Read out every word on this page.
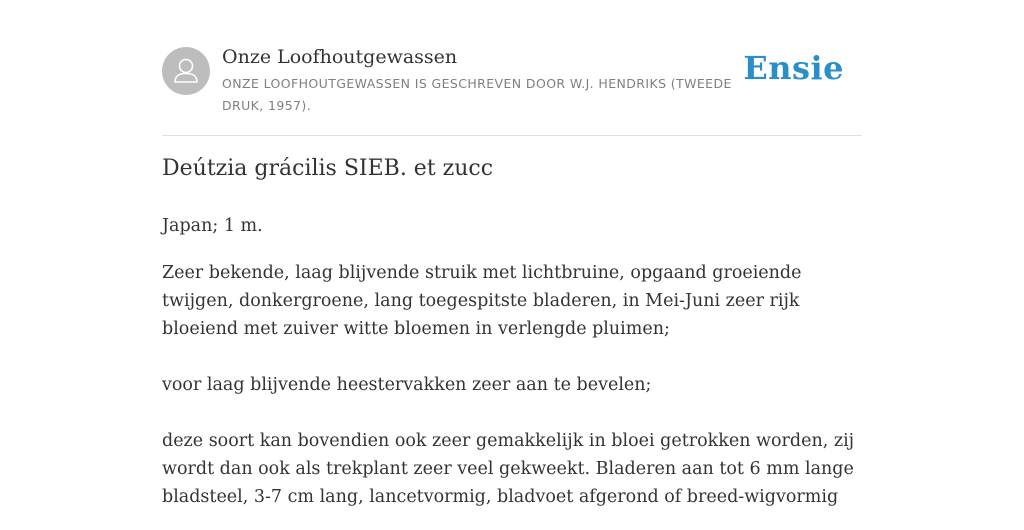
Onze Loofhoutgewassen
ONZE LOOFHOUTGEWASSEN IS GESCHREVEN DOOR W.J. HENDRIKS (TWEEDE DRUK, 1957).
Ensie
Deútzia grácilis SIEB. et zucc

Japan; 1 m.

Zeer bekende, laag blijvende struik met lichtbruine, opgaand groeiende twijgen, donkergroene, lang toegespitste bladeren, in Mei-Juni zeer rijk bloeiend met zuiver witte bloemen in verlengde pluimen;

voor laag blijvende heestervakken zeer aan te bevelen;

deze soort kan bovendien ook zeer gemakkelijk in bloei getrokken worden, zij wordt dan ook als trekplant zeer veel gekweekt. Bladeren aan tot 6 mm lange bladsteel, 3-7 cm lang, lancetvormig, bladvoet afgerond of breed-wigvormig
